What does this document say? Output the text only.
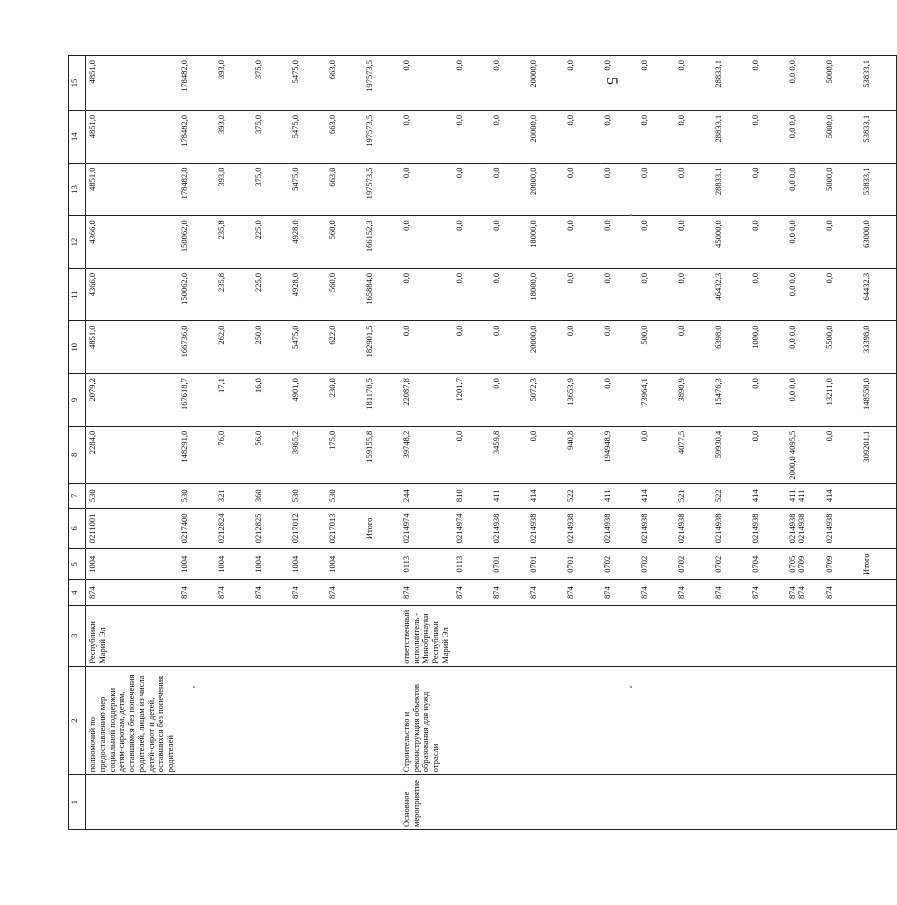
5
1	2	3	4	5	6	7	8	9	10	11	12	13	14	15
	полномочий по предоставлению мер социальной поддержки детям-сиротам, детям, оставшимся без попечения родителей, лицам из числа детей-сирот и детей, оставшихся без попечения родителей	Республики Марий Эл	874	1004	0211001	530	2284,0	2079,2	4851,0	4366,0	4366,0	4851,0	4851,0	4851,0
			874	1004	0217400	530	148291,0	167618,7	166736,0	150062,0	150062,0	178482,0	178482,0	178482,0
			874	1004	0212824	321	76,0	17,1	262,0	235,8	235,8	393,0	393,0	393,0
			874	1004	0212825	360	56,0	16,0	250,0	225,0	225,0	375,0	375,0	375,0
			874	1004	0217012	530	3965,2	4901,0	5475,0	4928,0	4928,0	5475,0	5475,0	5475,0
			874	1004	0217013	530	175,0	230,0	622,0	560,0	560,0	663,0	663,0	663,0
					Итого		159155,8	181170,5	182901,5	165884,0	166152,3	197573,5	197573,5	197573,5
Основное мероприятие	Строительство и реконструкция объектов образования для нужд отрасли	ответственный исполнитель - Минобрнауки Республики Марий Эл	874	0113	0214974	244	39748,2	22087,8	0,0	0,0	0,0	0,0	0,0	0,0
			874	0113	0214974	810	0,0	1201,7	0,0	0,0	0,0	0,0	0,0	0,0
			874	0701	0214938	411	3459,8	0,0	0,0	0,0	0,0	0,0	0,0	0,0
			874	0701	0214938	414	0,0	5072,3	20000,0	18000,0	18000,0	20000,0	20000,0	20000,0
			874	0701	0214938	522	940,8	13653,9	0,0	0,0	0,0	0,0	0,0	0,0
			874	0702	0214938	411	194948,9	0,0	0,0	0,0	0,0	0,0	0,0	0,0
			874	0702	0214938	414	0,0	73964,1	500,0	0,0	0,0	0,0	0,0	0,0
			874	0702	0214938	521	4077,5	3890,9	0,0	0,0	0,0	0,0	0,0	0,0
			874	0702	0214938	522	59930,4	15476,3	6398,0	46432,3	45000,0	28833,1	28833,1	28833,1
			874	0704	0214938	414	0,0	0,0	1000,0	0,0	0,0	0,0	0,0	0,0
			874 874	0705 0709	0214938 0214938	411 411	2000,0 4095,5	0,0 0,0	0,0 0,0	0,0 0,0	0,0 0,0	0,0 0,0	0,0 0,0	0,0 0,0
			874	0709	0214938	414	0,0	13211,0	5500,0	0,0	0,0	5000,0	5000,0	5000,0
				Итого			309201,1	148558,0	33398,0	64432,3	63000,0	53833,1	53833,1	53833,1
